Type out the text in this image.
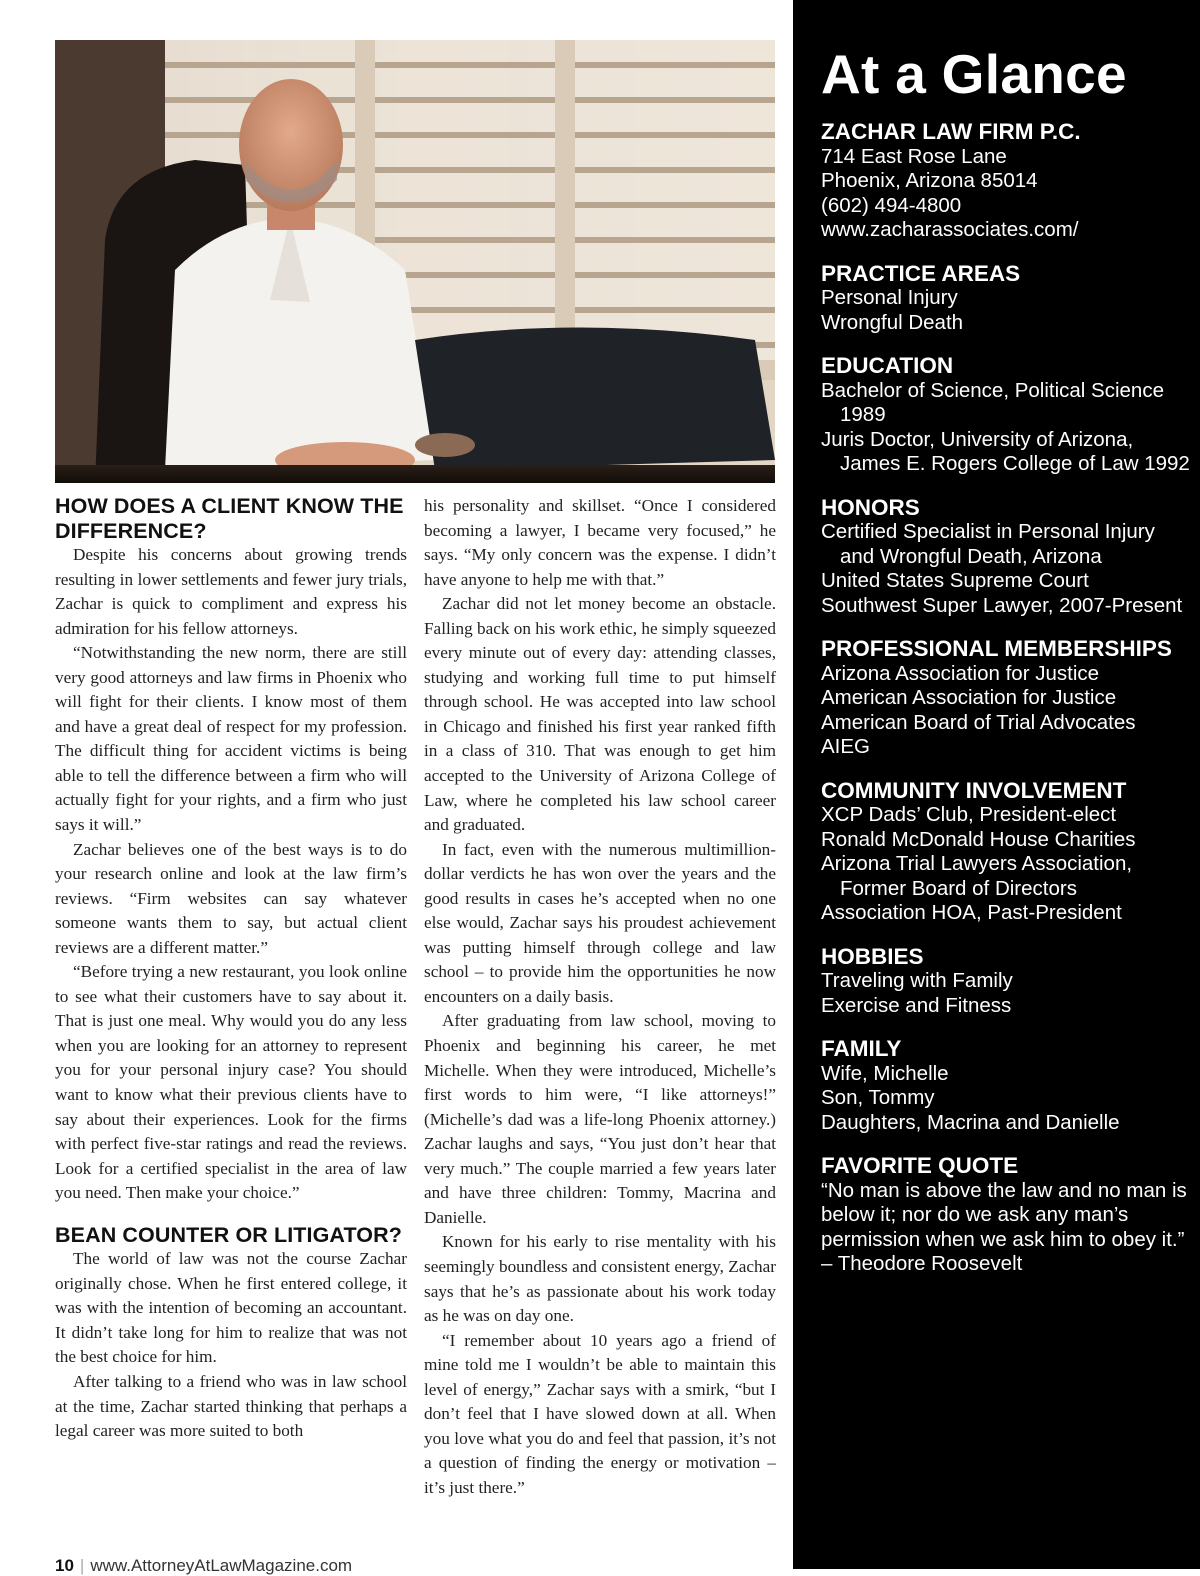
HOW DOES A CLIENT KNOW THE DIFFERENCE?

Despite his concerns about growing trends resulting in lower settlements and fewer jury trials, Zachar is quick to compliment and express his admiration for his fellow attorneys.

“Notwithstanding the new norm, there are still very good attorneys and law firms in Phoenix who will fight for their clients. I know most of them and have a great deal of respect for my profession. The difficult thing for accident victims is being able to tell the difference between a firm who will actually fight for your rights, and a firm who just says it will.”

Zachar believes one of the best ways is to do your research online and look at the law firm’s reviews. “Firm websites can say whatever someone wants them to say, but actual client reviews are a different matter.”

“Before trying a new restaurant, you look online to see what their customers have to say about it. That is just one meal. Why would you do any less when you are looking for an attorney to represent you for your personal injury case? You should want to know what their previous clients have to say about their experiences. Look for the firms with perfect five-star ratings and read the reviews. Look for a certified specialist in the area of law you need. Then make your choice.”

BEAN COUNTER OR LITIGATOR?

The world of law was not the course Zachar originally chose. When he first entered college, it was with the intention of becoming an accountant. It didn’t take long for him to realize that was not the best choice for him.

After talking to a friend who was in law school at the time, Zachar started thinking that perhaps a legal career was more suited to both

his personality and skillset. “Once I considered becoming a lawyer, I became very focused,” he says. “My only concern was the expense. I didn’t have anyone to help me with that.”

Zachar did not let money become an obstacle. Falling back on his work ethic, he simply squeezed every minute out of every day: attending classes, studying and working full time to put himself through school. He was accepted into law school in Chicago and finished his first year ranked fifth in a class of 310. That was enough to get him accepted to the University of Arizona College of Law, where he completed his law school career and graduated.

In fact, even with the numerous multimillion-dollar verdicts he has won over the years and the good results in cases he’s accepted when no one else would, Zachar says his proudest achievement was putting himself through college and law school – to provide him the opportunities he now encounters on a daily basis.

After graduating from law school, moving to Phoenix and beginning his career, he met Michelle. When they were introduced, Michelle’s first words to him were, “I like attorneys!” (Michelle’s dad was a life-long Phoenix attorney.) Zachar laughs and says, “You just don’t hear that very much.” The couple married a few years later and have three children: Tommy, Macrina and Danielle.

Known for his early to rise mentality with his seemingly boundless and consistent energy, Zachar says that he’s as passionate about his work today as he was on day one.

“I remember about 10 years ago a friend of mine told me I wouldn’t be able to maintain this level of energy,” Zachar says with a smirk, “but I don’t feel that I have slowed down at all. When you love what you do and feel that passion, it’s not a question of finding the energy or motivation – it’s just there.”

At a Glance
ZACHAR LAW FIRM P.C.
714 East Rose Lane
Phoenix, Arizona 85014
(602) 494-4800
www.zacharassociates.com/
PRACTICE AREAS
Personal Injury
Wrongful Death
EDUCATION
Bachelor of Science, Political Science 1989
Juris Doctor, University of Arizona, James E. Rogers College of Law 1992
HONORS
Certified Specialist in Personal Injury and Wrongful Death, Arizona
United States Supreme Court
Southwest Super Lawyer, 2007-Present
PROFESSIONAL MEMBERSHIPS
Arizona Association for Justice
American Association for Justice
American Board of Trial Advocates
AIEG
COMMUNITY INVOLVEMENT
XCP Dads’ Club, President-elect
Ronald McDonald House Charities
Arizona Trial Lawyers Association, Former Board of Directors
Association HOA, Past-President
HOBBIES
Traveling with Family
Exercise and Fitness
FAMILY
Wife, Michelle
Son, Tommy
Daughters, Macrina and Danielle
FAVORITE QUOTE
“No man is above the law and no man is below it; nor do we ask any man’s permission when we ask him to obey it.” – Theodore Roosevelt
10 | www.AttorneyAtLawMagazine.com
